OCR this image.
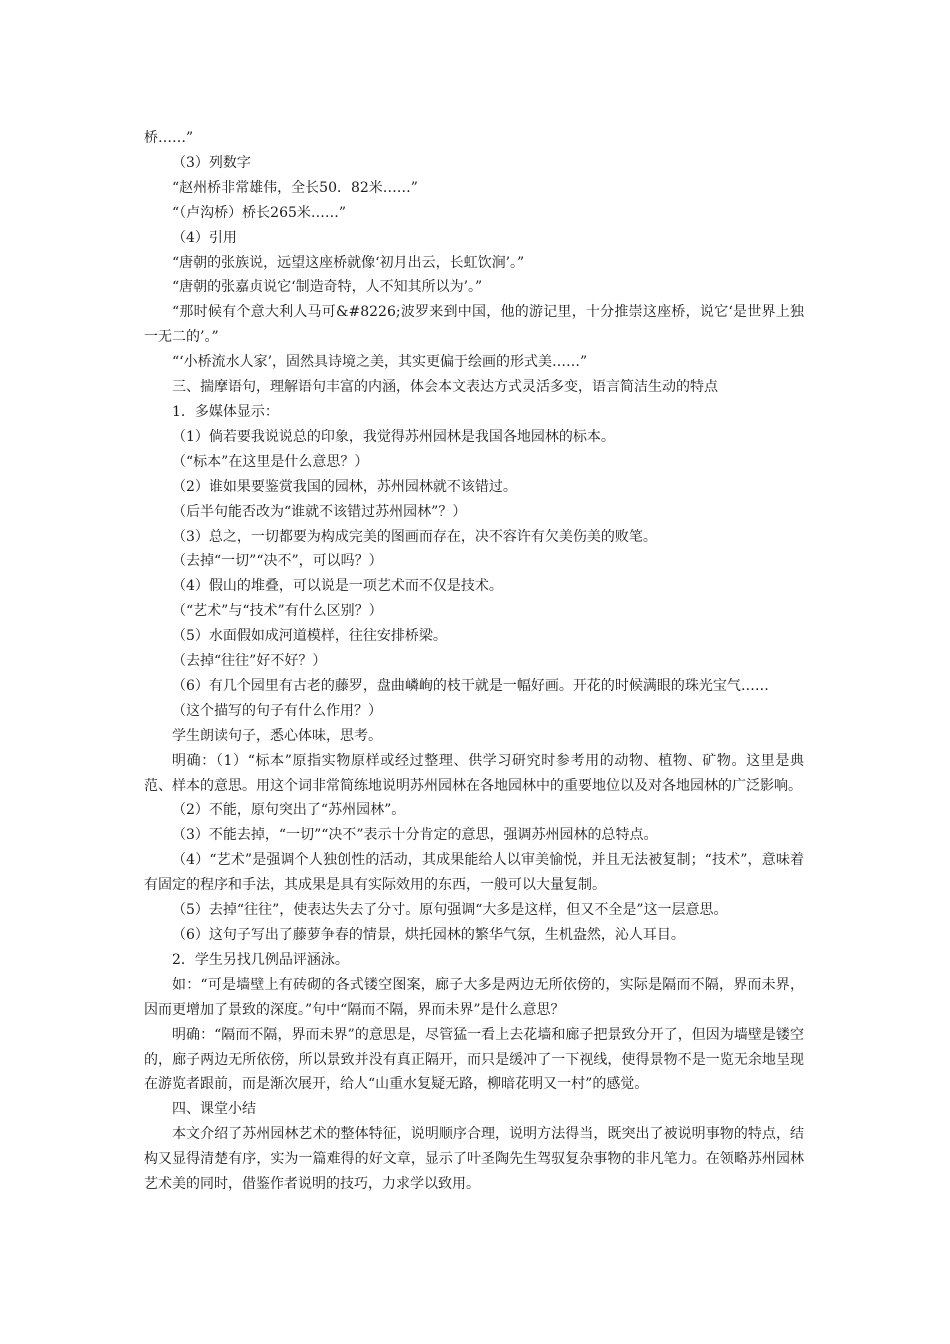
桥……”

（3）列数字

“赵州桥非常雄伟，全长50．82米……”

“（卢沟桥）桥长265米……”

（4）引用

“唐朝的张族说，远望这座桥就像‘初月出云，长虹饮涧’。”

“唐朝的张嘉贞说它‘制造奇特，人不知其所以为’。”

“那时候有个意大利人马可&#8226;波罗来到中国，他的游记里，十分推崇这座桥，说它‘是世界上独一无二的’。”

“‘小桥流水人家’，固然具诗境之美，其实更偏于绘画的形式美……”

三、揣摩语句，理解语句丰富的内涵，体会本文表达方式灵活多变，语言简洁生动的特点

1．多媒体显示：

（1）倘若要我说说总的印象，我觉得苏州园林是我国各地园林的标本。

（“标本”在这里是什么意思？）

（2）谁如果要鉴赏我国的园林，苏州园林就不该错过。

（后半句能否改为“谁就不该错过苏州园林”？）

（3）总之，一切都要为构成完美的图画而存在，决不容许有欠美伤美的败笔。

（去掉“一切”“决不”，可以吗？）

（4）假山的堆叠，可以说是一项艺术而不仅是技术。

（“艺术”与“技术”有什么区别？）

（5）水面假如成河道模样，往往安排桥梁。

（去掉“往往”好不好？）

（6）有几个园里有古老的藤罗，盘曲嶙峋的枝干就是一幅好画。开花的时候满眼的珠光宝气……

（这个描写的句子有什么作用？）

学生朗读句子，悉心体味，思考。

明确：（1）“标本”原指实物原样或经过整理、供学习研究时参考用的动物、植物、矿物。这里是典范、样本的意思。用这个词非常简练地说明苏州园林在各地园林中的重要地位以及对各地园林的广泛影响。

（2）不能，原句突出了“苏州园林”。

（3）不能去掉，“一切”“决不”表示十分肯定的意思，强调苏州园林的总特点。

（4）“艺术”是强调个人独创性的活动，其成果能给人以审美愉悦，并且无法被复制；“技术”，意味着有固定的程序和手法，其成果是具有实际效用的东西，一般可以大量复制。

（5）去掉“往往”，使表达失去了分寸。原句强调“大多是这样，但又不全是”这一层意思。

（6）这句子写出了藤萝争春的情景，烘托园林的繁华气氛，生机盎然，沁人耳目。

2．学生另找几例品评涵泳。

如：“可是墙壁上有砖砌的各式镂空图案，廊子大多是两边无所依傍的，实际是隔而不隔，界而未界，因而更增加了景致的深度。”句中“隔而不隔，界而未界”是什么意思？

明确：“隔而不隔，界而未界”的意思是，尽管猛一看上去花墙和廊子把景致分开了，但因为墙壁是镂空的，廊子两边无所依傍，所以景致并没有真正隔开，而只是缓冲了一下视线，使得景物不是一览无余地呈现在游览者跟前，而是渐次展开，给人“山重水复疑无路，柳暗花明又一村”的感觉。

四、课堂小结

本文介绍了苏州园林艺术的整体特征，说明顺序合理，说明方法得当，既突出了被说明事物的特点，结构又显得清楚有序，实为一篇难得的好文章，显示了叶圣陶先生驾驭复杂事物的非凡笔力。在领略苏州园林艺术美的同时，借鉴作者说明的技巧，力求学以致用。
